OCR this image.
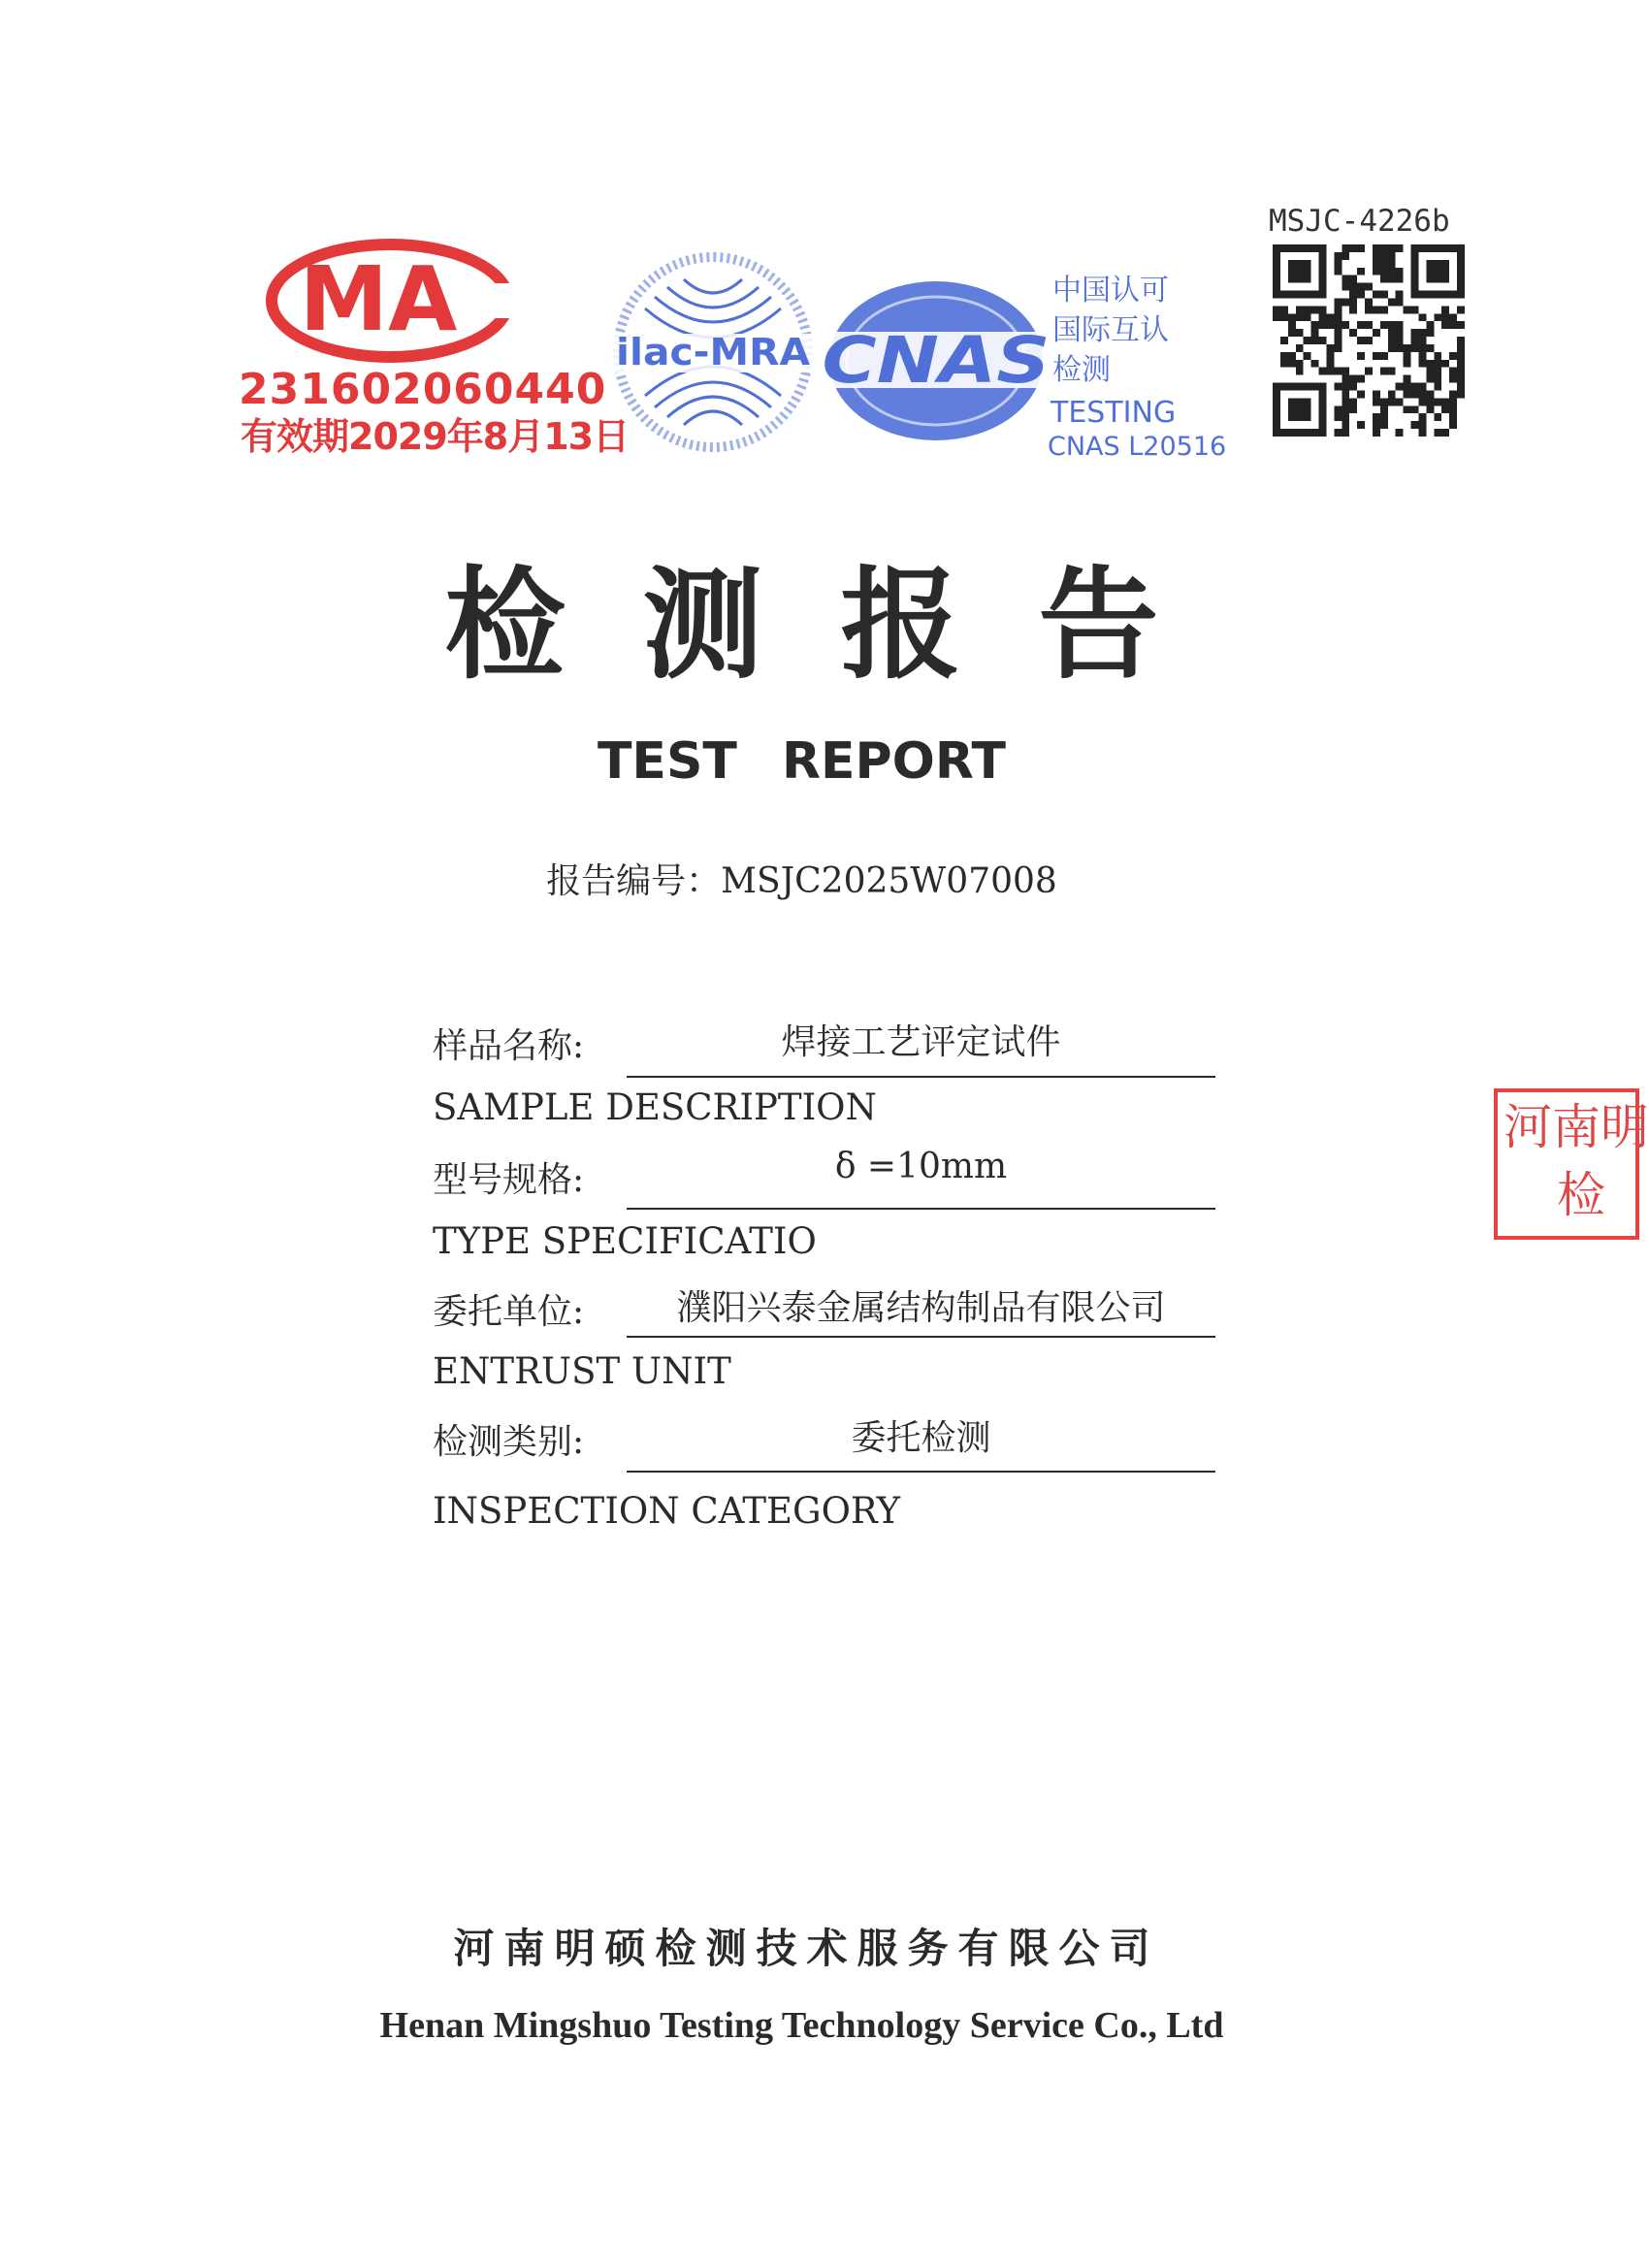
MA
231602060440
有效期2029年8月13日
ilac-MRA CNAS
中国认可
国际互认
检测
TESTING
CNAS L20516
MSJC-4226b
检测报告
TEST REPORT
报告编号：MSJC2025W07008
样品名称:	焊接工艺评定试件
SAMPLE DESCRIPTION
型号规格:	δ =10mm
TYPE SPECIFICATIO
委托单位:	濮阳兴泰金属结构制品有限公司
ENTRUST UNIT
检测类别:	委托检测
INSPECTION CATEGORY
河南明
检
河南明硕检测技术服务有限公司
Henan Mingshuo Testing Technology Service Co., Ltd
